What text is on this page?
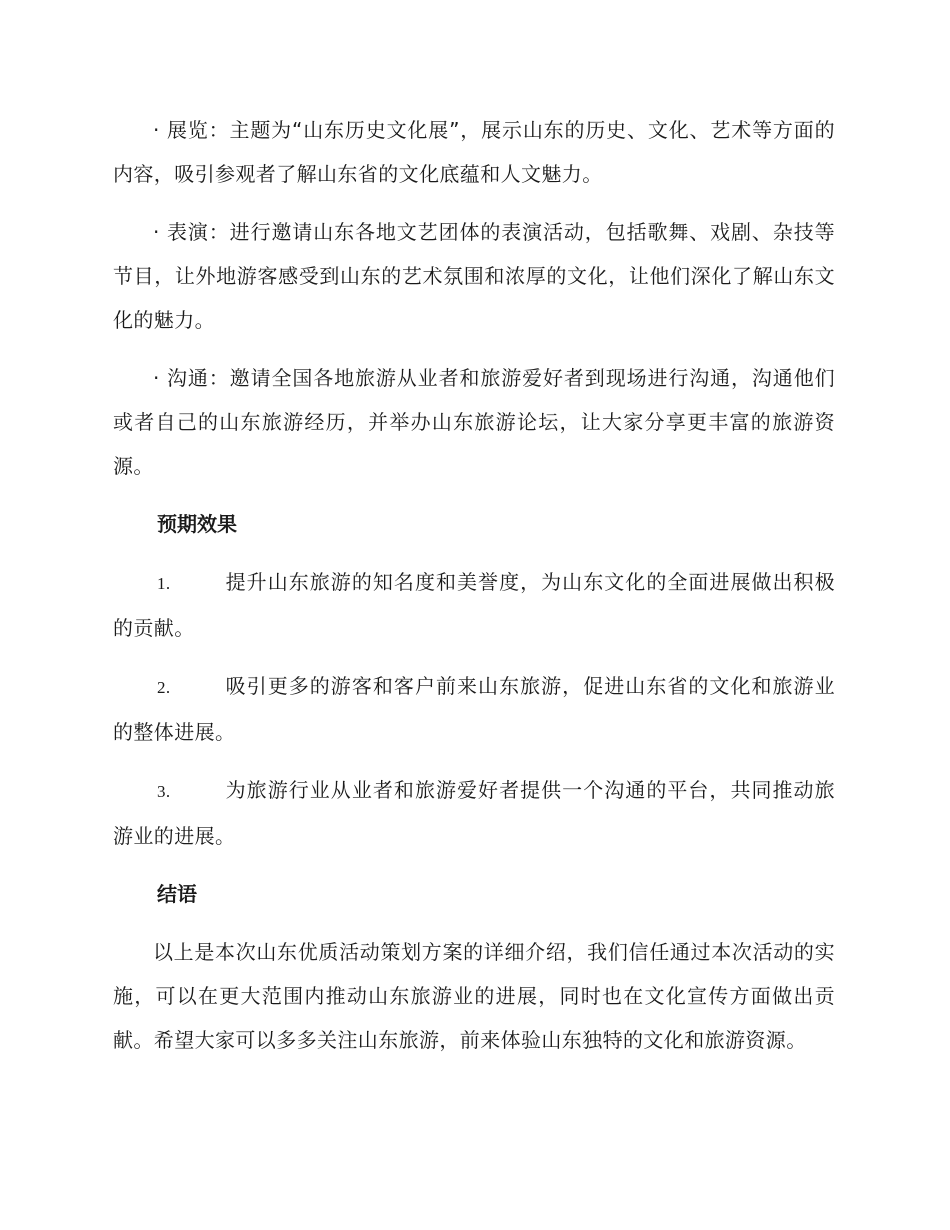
· 展览：主题为“山东历史文化展”，展示山东的历史、文化、艺术等方面的内容，吸引参观者了解山东省的文化底蕴和人文魅力。

· 表演：进行邀请山东各地文艺团体的表演活动，包括歌舞、戏剧、杂技等节目，让外地游客感受到山东的艺术氛围和浓厚的文化，让他们深化了解山东文化的魅力。

· 沟通：邀请全国各地旅游从业者和旅游爱好者到现场进行沟通，沟通他们或者自己的山东旅游经历，并举办山东旅游论坛，让大家分享更丰富的旅游资源。

预期效果

1.	提升山东旅游的知名度和美誉度，为山东文化的全面进展做出积极的贡献。

2.	吸引更多的游客和客户前来山东旅游，促进山东省的文化和旅游业的整体进展。

3.	为旅游行业从业者和旅游爱好者提供一个沟通的平台，共同推动旅游业的进展。

结语

以上是本次山东优质活动策划方案的详细介绍，我们信任通过本次活动的实施，可以在更大范围内推动山东旅游业的进展，同时也在文化宣传方面做出贡献。希望大家可以多多关注山东旅游，前来体验山东独特的文化和旅游资源。
